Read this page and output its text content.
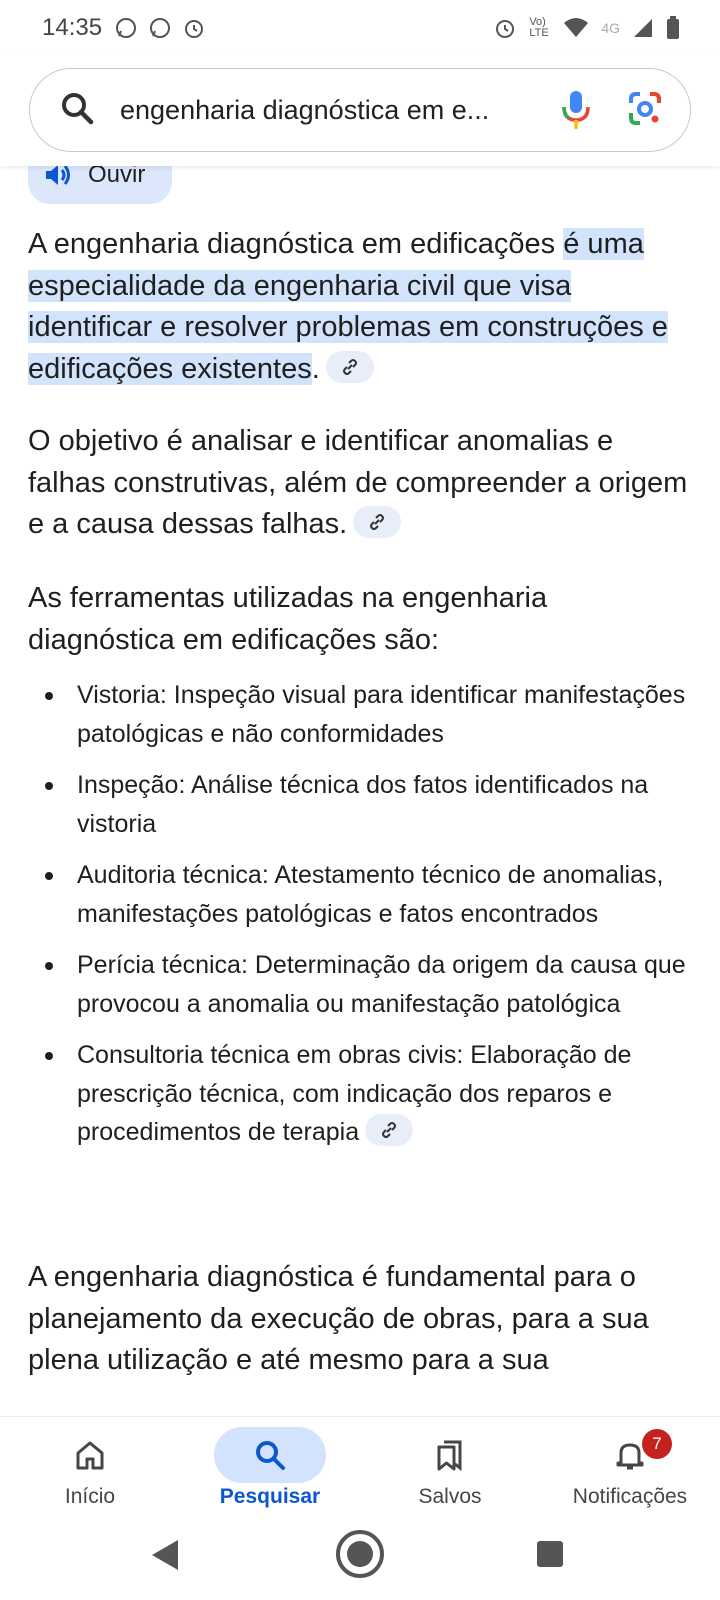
14:35	Vo) LTE	4G
engenharia diagnóstica em e...
Ouvir
A engenharia diagnóstica em edificações é uma especialidade da engenharia civil que visa identificar e resolver problemas em construções e edificações existentes.
O objetivo é analisar e identificar anomalias e falhas construtivas, além de compreender a origem e a causa dessas falhas.
As ferramentas utilizadas na engenharia diagnóstica em edificações são:
Vistoria: Inspeção visual para identificar manifestações patológicas e não conformidades
Inspeção: Análise técnica dos fatos identificados na vistoria
Auditoria técnica: Atestamento técnico de anomalias, manifestações patológicas e fatos encontrados
Perícia técnica: Determinação da origem da causa que provocou a anomalia ou manifestação patológica
Consultoria técnica em obras civis: Elaboração de prescrição técnica, com indicação dos reparos e procedimentos de terapia
A engenharia diagnóstica é fundamental para o planejamento da execução de obras, para a sua plena utilização e até mesmo para a sua
Início	Pesquisar	Salvos
7
Notificações
